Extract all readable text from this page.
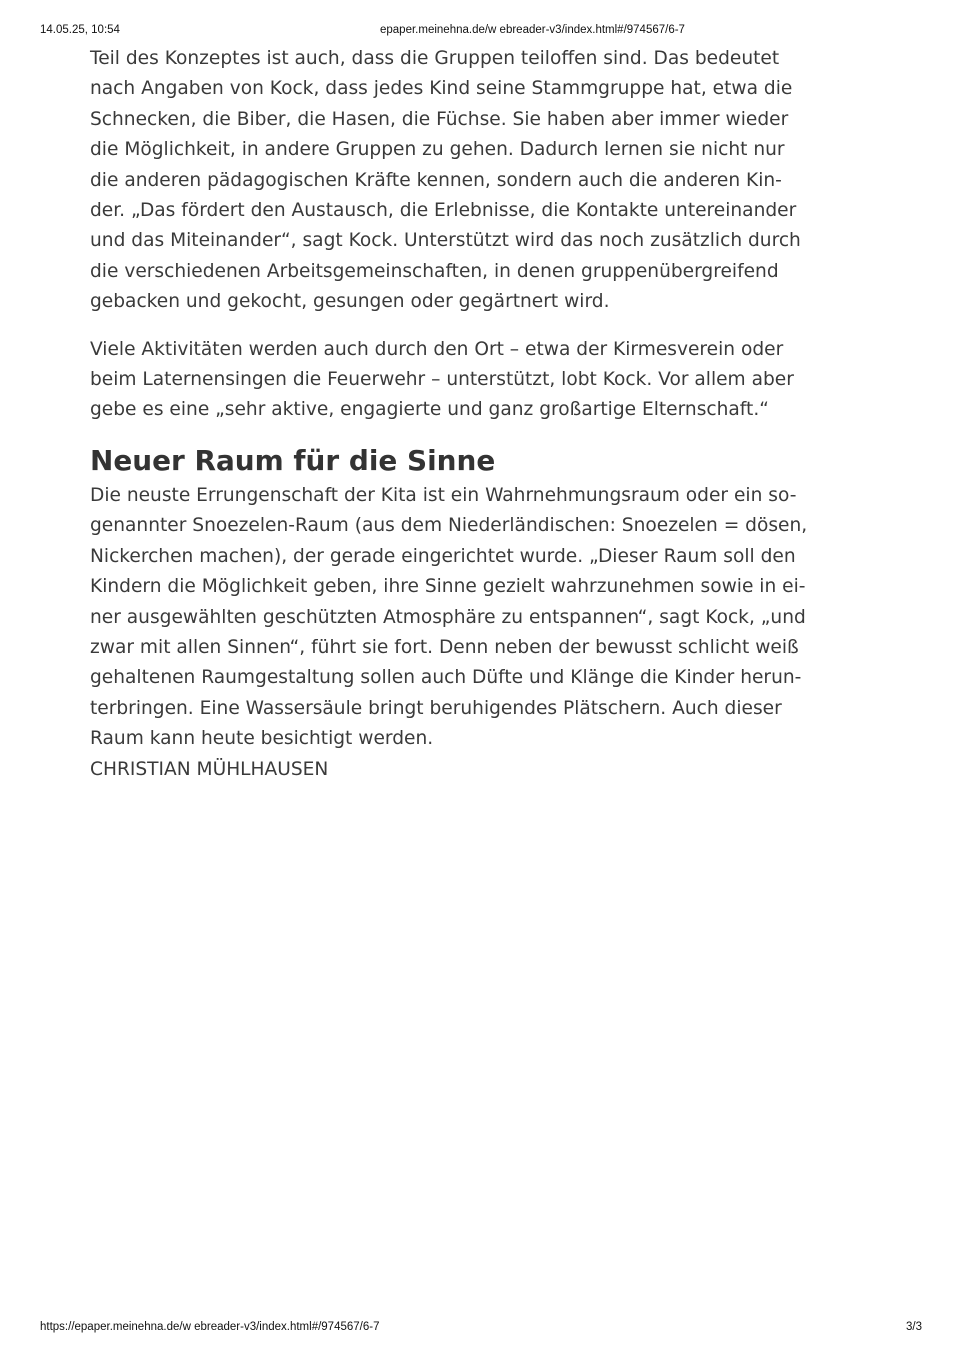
14.05.25, 10:54	epaper.meinehna.de/w ebreader-v3/index.html#/974567/6-7

Teil des Konzeptes ist auch, dass die Gruppen teiloffen sind. Das bedeutet
nach Angaben von Kock, dass jedes Kind seine Stammgruppe hat, etwa die
Schnecken, die Biber, die Hasen, die Füchse. Sie haben aber immer wieder
die Möglichkeit, in andere Gruppen zu gehen. Dadurch lernen sie nicht nur
die anderen pädagogischen Kräfte kennen, sondern auch die anderen Kin-
der. „Das fördert den Austausch, die Erlebnisse, die Kontakte untereinander
und das Miteinander“, sagt Kock. Unterstützt wird das noch zusätzlich durch
die verschiedenen Arbeitsgemeinschaften, in denen gruppenübergreifend
gebacken und gekocht, gesungen oder gegärtnert wird.

Viele Aktivitäten werden auch durch den Ort – etwa der Kirmesverein oder
beim Laternensingen die Feuerwehr – unterstützt, lobt Kock. Vor allem aber
gebe es eine „sehr aktive, engagierte und ganz großartige Elternschaft.“

Neuer Raum für die Sinne

Die neuste Errungenschaft der Kita ist ein Wahrnehmungsraum oder ein so-
genannter Snoezelen-Raum (aus dem Niederländischen: Snoezelen = dösen,
Nickerchen machen), der gerade eingerichtet wurde. „Dieser Raum soll den
Kindern die Möglichkeit geben, ihre Sinne gezielt wahrzunehmen sowie in ei-
ner ausgewählten geschützten Atmosphäre zu entspannen“, sagt Kock, „und
zwar mit allen Sinnen“, führt sie fort. Denn neben der bewusst schlicht weiß
gehaltenen Raumgestaltung sollen auch Düfte und Klänge die Kinder herun-
terbringen. Eine Wassersäule bringt beruhigendes Plätschern. Auch dieser
Raum kann heute besichtigt werden.
CHRISTIAN MÜHLHAUSEN

https://epaper.meinehna.de/w ebreader-v3/index.html#/974567/6-7	3/3
